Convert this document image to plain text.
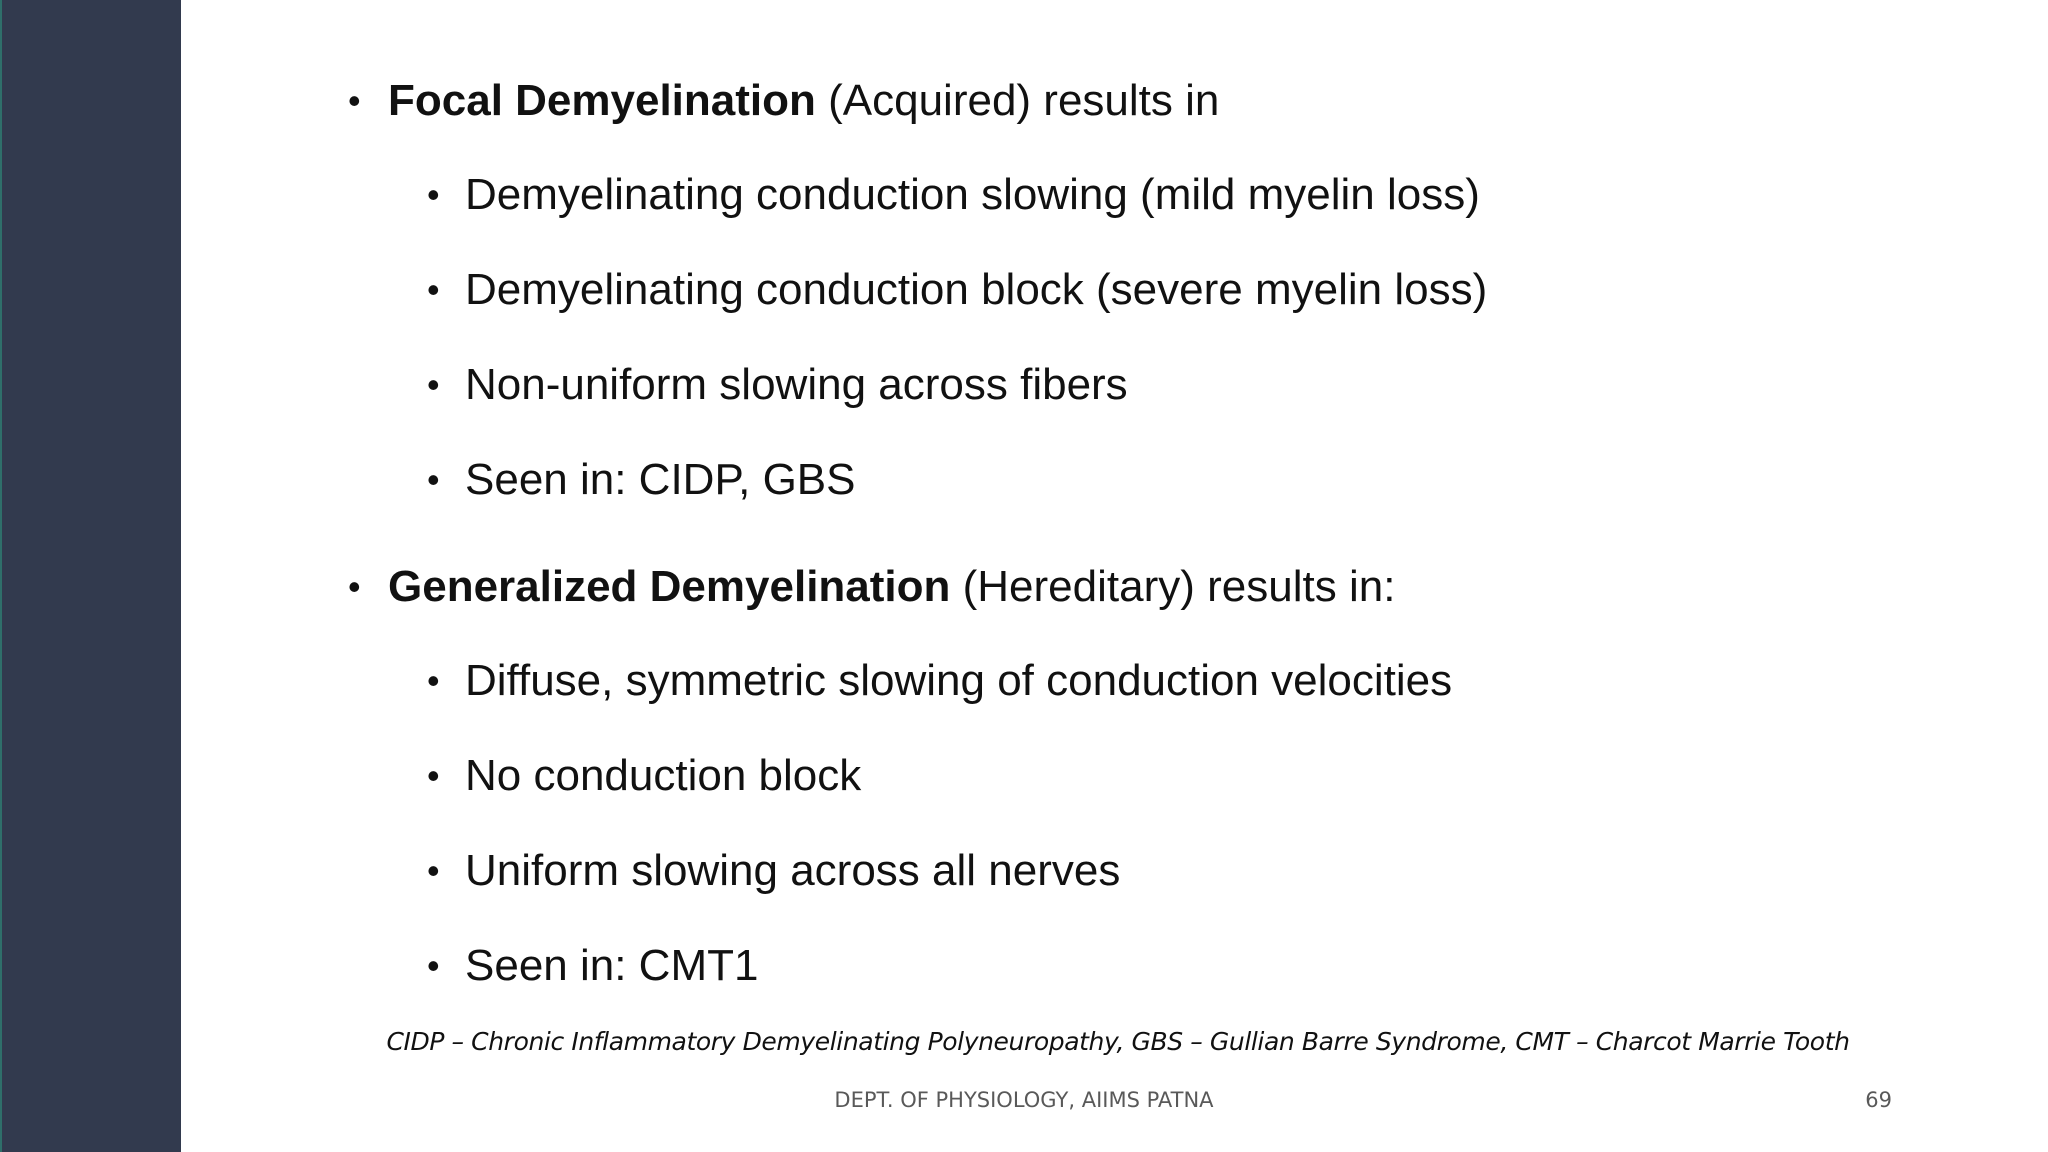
• Focal Demyelination (Acquired) results in
• Demyelinating conduction slowing (mild myelin loss)
• Demyelinating conduction block (severe myelin loss)
• Non-uniform slowing across fibers
• Seen in: CIDP, GBS
• Generalized Demyelination (Hereditary) results in:
• Diffuse, symmetric slowing of conduction velocities
• No conduction block
• Uniform slowing across all nerves
• Seen in: CMT1
CIDP – Chronic Inflammatory Demyelinating Polyneuropathy, GBS – Gullian Barre Syndrome, CMT – Charcot Marrie Tooth
DEPT. OF PHYSIOLOGY, AIIMS PATNA	69
